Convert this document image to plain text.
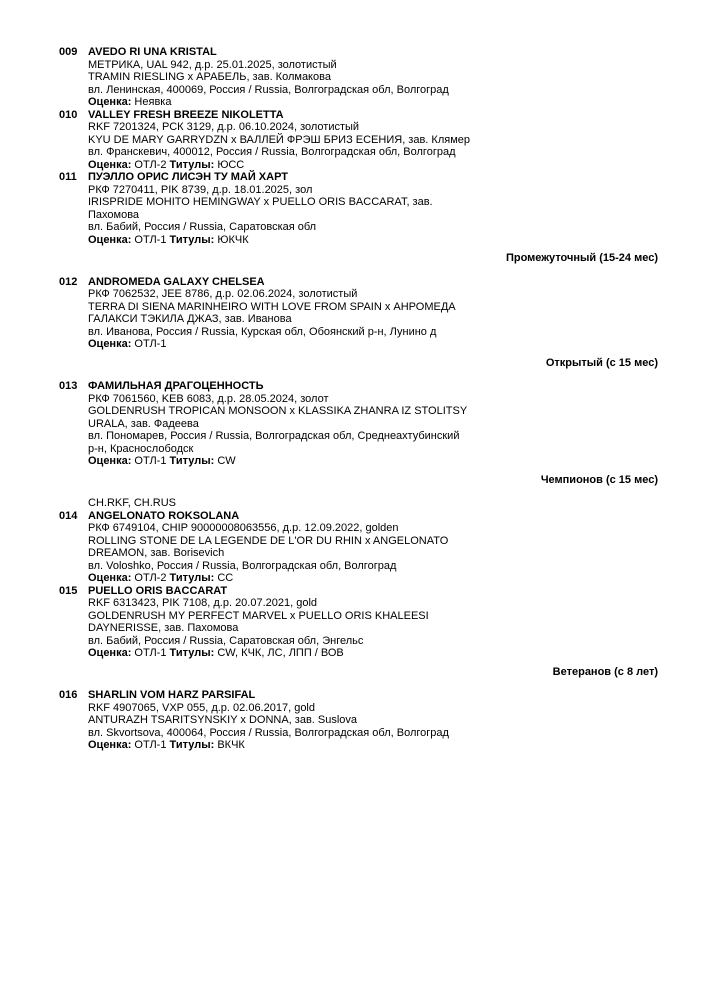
009 AVEDO RI UNA KRISTAL
МЕТРИКА, UAL 942, д.р. 25.01.2025, золотистый
TRAMIN RIESLING x АРАБЕЛЬ, зав. Колмакова
вл. Ленинская, 400069, Россия / Russia, Волгоградская обл, Волгоград
Оценка: Неявка
010 VALLEY FRESH BREEZE NIKOLETTA
RKF 7201324, РСК 3129, д.р. 06.10.2024, золотистый
KYU DE MARY GARRYDZN x ВАЛЛЕЙ ФРЭШ БРИЗ ЕСЕНИЯ, зав. Клямер
вл. Франскевич, 400012, Россия / Russia, Волгоградская обл, Волгоград
Оценка: ОТЛ-2 Титулы: ЮСС
011	ПУЭЛЛО ОРИС ЛИСЭН ТУ МАЙ ХАРТ
РКФ 7270411, PIK 8739, д.р. 18.01.2025, зол
IRISPRIDE MOHITO HEMINGWAY x PUELLO ORIS BACCARAT, зав.
Пахомова
вл. Бабий, Россия / Russia, Саратовская обл
Оценка: ОТЛ-1 Титулы: ЮКЧК
Промежуточный (15-24 мес)
012 ANDROMEDA GALAXY CHELSEA
РКФ 7062532, JEE 8786, д.р. 02.06.2024, золотистый
TERRA DI SIENA MARINHEIRO WITH LOVE FROM SPAIN x АНРОМЕДА
ГАЛАКСИ ТЭКИЛА ДЖАЗ, зав. Иванова
вл. Иванова, Россия / Russia, Курская обл, Обоянский р-н, Лунино д
Оценка: ОТЛ-1
Открытый (с 15 мес)
013 ФАМИЛЬНАЯ ДРАГОЦЕННОСТЬ
РКФ 7061560, KEB 6083, д.р. 28.05.2024, золот
GOLDENRUSH TROPICAN MONSOON x KLASSIKA ZHANRA IZ STOLITSY
URALA, зав. Фадеева
вл. Пономарев, Россия / Russia, Волгоградская обл, Среднеахтубинский
р-н, Краснослободск
Оценка: ОТЛ-1 Титулы: CW
Чемпионов (с 15 мес)
CH.RKF, CH.RUS
014 ANGELONATO ROKSOLANA
РКФ 6749104, CHIP 90000008063556, д.р. 12.09.2022, golden
ROLLING STONE DE LA LEGENDE DE L'OR DU RHIN x ANGELONATO
DREAMON, зав. Borisevich
вл. Voloshko, Россия / Russia, Волгоградская обл, Волгоград
Оценка: ОТЛ-2 Титулы: CC
015 PUELLO ORIS BACCARAT
RKF 6313423, PIK 7108, д.р. 20.07.2021, gold
GOLDENRUSH MY PERFECT MARVEL x PUELLO ORIS KHALEESI
DAYNERISSE, зав. Пахомова
вл. Бабий, Россия / Russia, Саратовская обл, Энгельс
Оценка: ОТЛ-1 Титулы: CW, КЧК, ЛС, ЛПП / ВОВ
Ветеранов (с 8 лет)
016 SHARLIN VOM HARZ PARSIFAL
RKF 4907065, VXP 055, д.р. 02.06.2017, gold
ANTURAZH TSARITSYNSKIY x DONNA, зав. Suslova
вл. Skvortsova, 400064, Россия / Russia, Волгоградская обл, Волгоград
Оценка: ОТЛ-1 Титулы: ВКЧК
